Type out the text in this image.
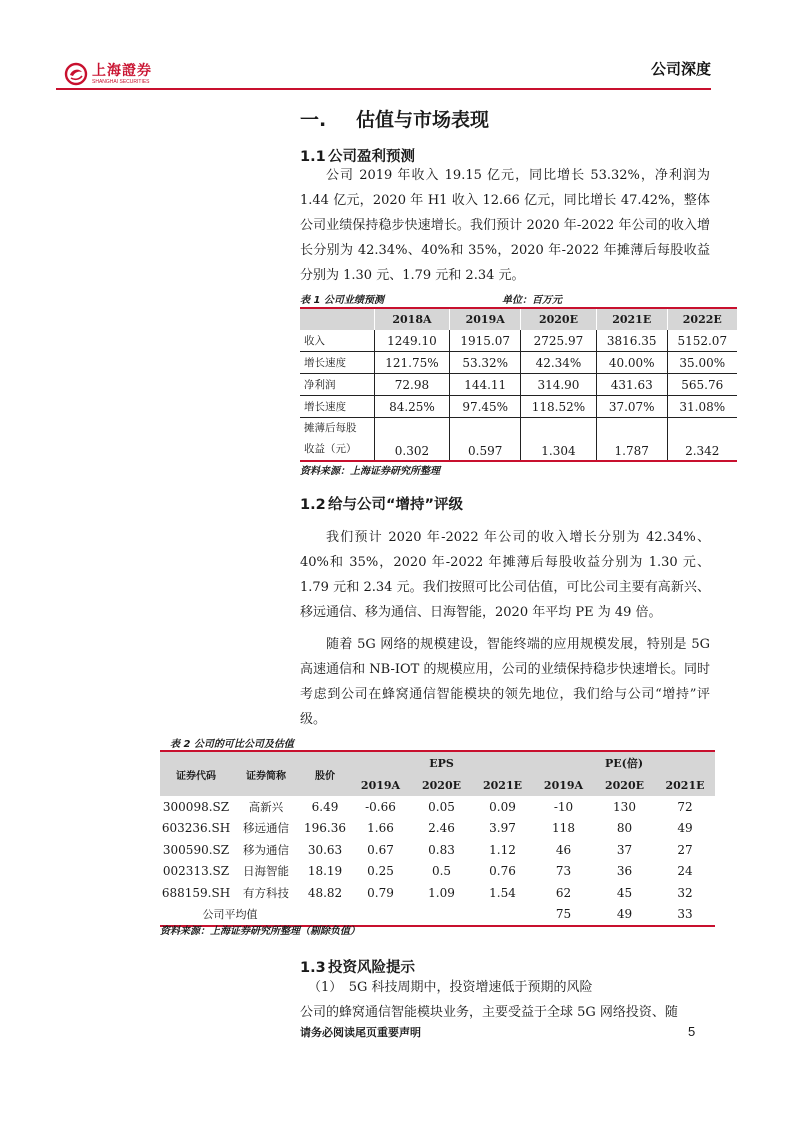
上海證券
SHANGHAI SECURITIES
公司深度
一. 估值与市场表现
1.1 公司盈利预测

公司 2019 年收入 19.15 亿元，同比增长 53.32%，净利润为 1.44 亿元，2020 年 H1 收入 12.66 亿元，同比增长 47.42%，整体公司业绩保持稳步快速增长。我们预计 2020 年-2022 年公司的收入增长分别为 42.34%、40%和 35%，2020 年-2022 年摊薄后每股收益分别为 1.30 元、1.79 元和 2.34 元。

表 1 公司业绩预测	单位：百万元
	2018A	2019A	2020E	2021E	2022E
收入	1249.10	1915.07	2725.97	3816.35	5152.07
增长速度	121.75%	53.32%	42.34%	40.00%	35.00%
净利润	72.98	144.11	314.90	431.63	565.76
增长速度	84.25%	97.45%	118.52%	37.07%	31.08%

摊薄后每股
收益（元）	0.302	0.597	1.304	1.787	2.342
资料来源：上海证券研究所整理
1.2 给与公司“增持”评级

我们预计 2020 年-2022 年公司的收入增长分别为 42.34%、40%和 35%，2020 年-2022 年摊薄后每股收益分别为 1.30 元、1.79 元和 2.34 元。我们按照可比公司估值，可比公司主要有高新兴、移远通信、移为通信、日海智能，2020 年平均 PE 为 49 倍。

随着 5G 网络的规模建设，智能终端的应用规模发展，特别是 5G 高速通信和 NB-IOT 的规模应用，公司的业绩保持稳步快速增长。同时考虑到公司在蜂窝通信智能模块的领先地位，我们给与公司“增持”评级。

表 2 公司的可比公司及估值
证券代码	证券简称	股价	EPS			PE(倍)		
			2019A	2020E	2021E	2019A	2020E	2021E
300098.SZ	高新兴	6.49	-0.66	0.05	0.09	-10	130	72
603236.SH	移远通信	196.36	1.66	2.46	3.97	118	80	49
300590.SZ	移为通信	30.63	0.67	0.83	1.12	46	37	27
002313.SZ	日海智能	18.19	0.25	0.5	0.76	73	36	24
688159.SH	有方科技	48.82	0.79	1.09	1.54	62	45	32
公司平均值						75	49	33
资料来源：上海证券研究所整理（剔除负值）
1.3 投资风险提示
（1）　5G 科技周期中，投资增速低于预期的风险
公司的蜂窝通信智能模块业务，主要受益于全球 5G 网络投资、随
请务必阅读尾页重要声明	5
